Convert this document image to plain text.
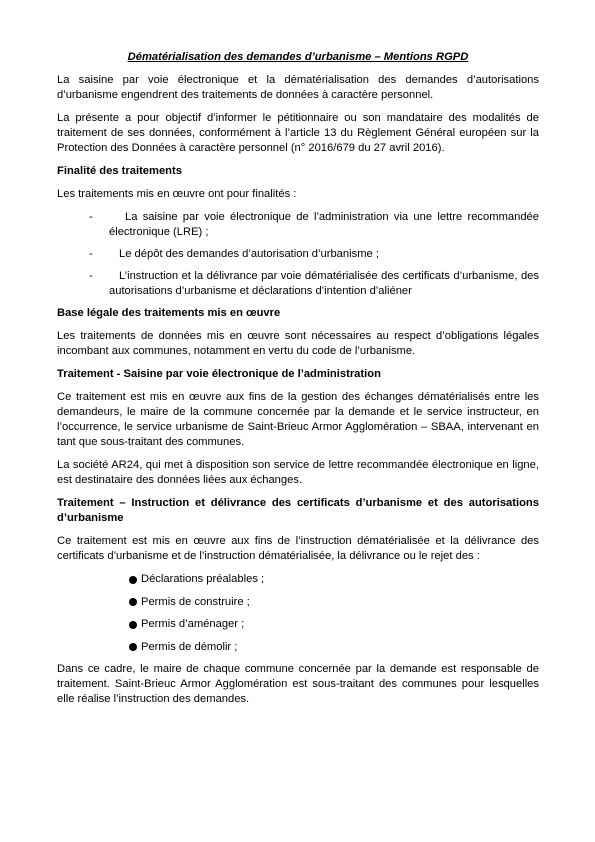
Dématérialisation des demandes d’urbanisme – Mentions RGPD

La saisine par voie électronique et la dématérialisation des demandes d’autorisations d’urbanisme engendrent des traitements de données à caractère personnel.

La présente a pour objectif d’informer le pétitionnaire ou son mandataire des modalités de traitement de ses données, conformément à l’article 13 du Règlement Général européen sur la Protection des Données à caractère personnel (n° 2016/679 du 27 avril 2016).

Finalité des traitements

Les traitements mis en œuvre ont pour finalités :

-	La saisine par voie électronique de l’administration via une lettre recommandée électronique (LRE) ;
- Le dépôt des demandes d’autorisation d’urbanisme ;
- L’instruction et la délivrance par voie dématérialisée des certificats d’urbanisme, des autorisations d’urbanisme et déclarations d’intention d’aliéner
Base légale des traitements mis en œuvre

Les traitements de données mis en œuvre sont nécessaires au respect d’obligations légales incombant aux communes, notamment en vertu du code de l’urbanisme.

Traitement - Saisine par voie électronique de l’administration

Ce traitement est mis en œuvre aux fins de la gestion des échanges dématérialisés entre les demandeurs, le maire de la commune concernée par la demande et le service instructeur, en l’occurrence, le service urbanisme de Saint-Brieuc Armor Agglomération – SBAA, intervenant en tant que sous-traitant des communes.

La société AR24, qui met à disposition son service de lettre recommandée électronique en ligne, est destinataire des données liées aux échanges.

Traitement – Instruction et délivrance des certificats d’urbanisme et des autorisations d’urbanisme

Ce traitement est mis en œuvre aux fins de l’instruction dématérialisée et la délivrance des certificats d’urbanisme et de l’instruction dématérialisée, la délivrance ou le rejet des :

Déclarations préalables ;
Permis de construire ;
Permis d’aménager ;
Permis de démolir ;

Dans ce cadre, le maire de chaque commune concernée par la demande est responsable de traitement. Saint-Brieuc Armor Agglomération est sous-traitant des communes pour lesquelles elle réalise l’instruction des demandes.
